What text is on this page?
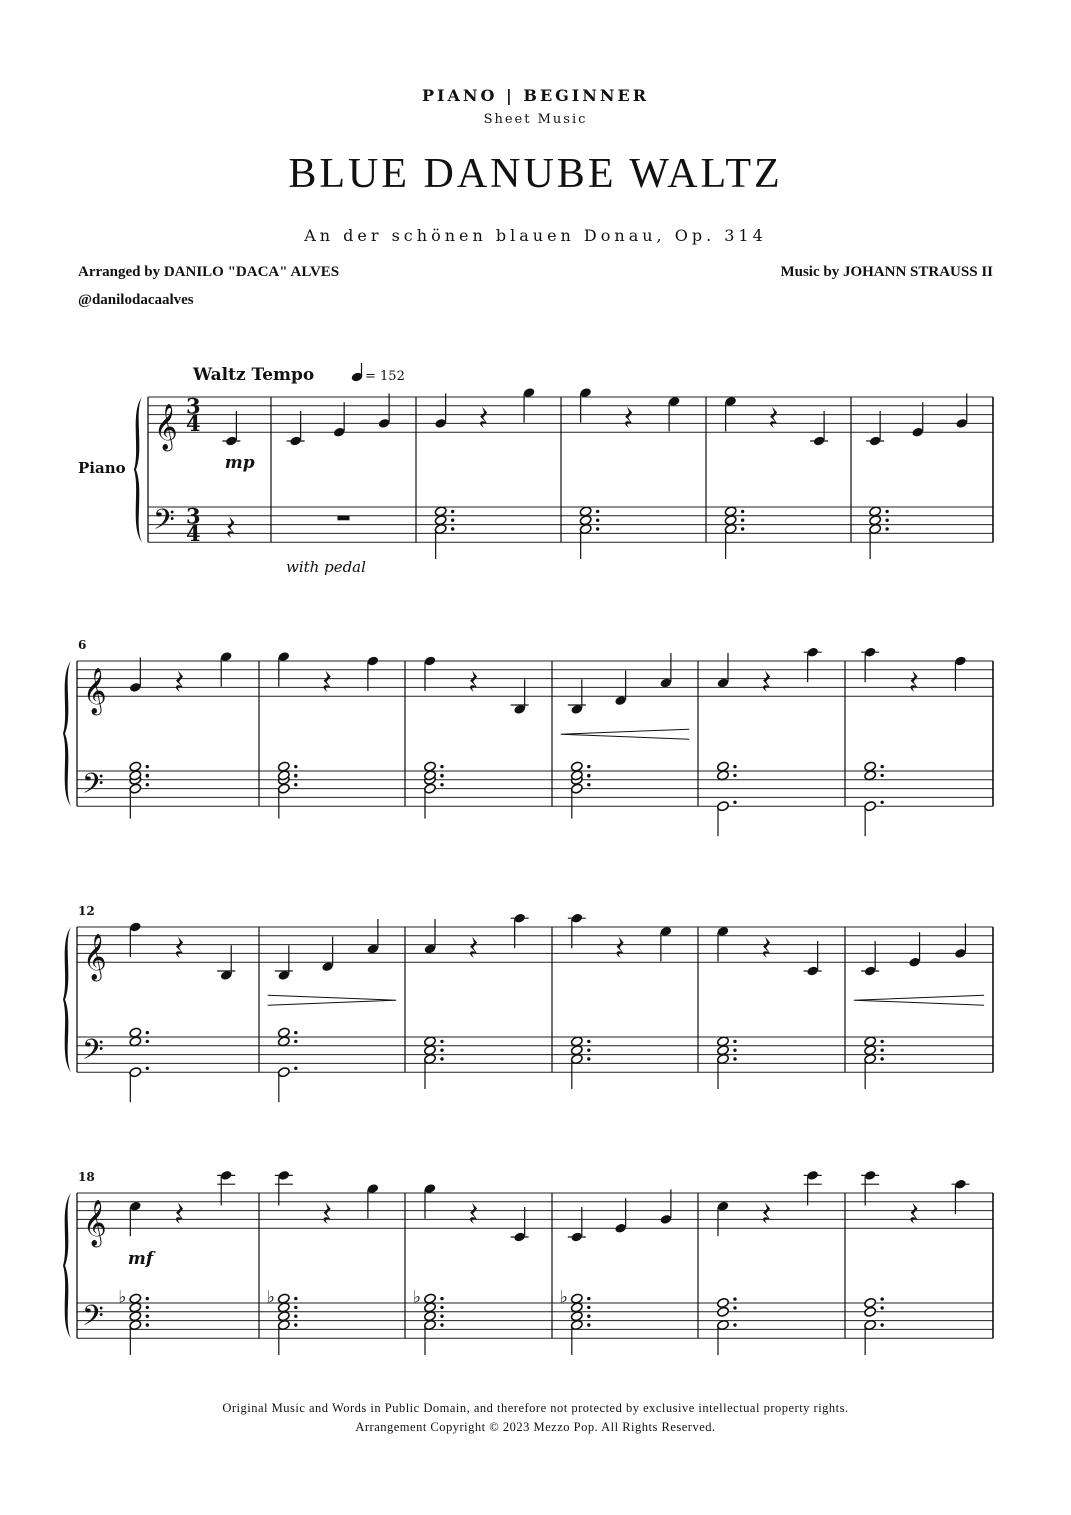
PIANO | BEGINNER
Sheet Music
BLUE DANUBE WALTZ
An der schönen blauen Donau, Op. 314
Arranged by DANILO "DACA" ALVES
@danilodacaalves
Music by JOHANN STRAUSS II
𝄞
𝄢
3
4
3
4
Piano
Waltz Tempo	= 152
with pedal
mp
𝄞
𝄢
6
𝄞
𝄢
12
𝄞
𝄢
18
♭
mf
♭	♭	♭
Original Music and Words in Public Domain, and therefore not protected by exclusive intellectual property rights.
Arrangement Copyright © 2023 Mezzo Pop. All Rights Reserved.
